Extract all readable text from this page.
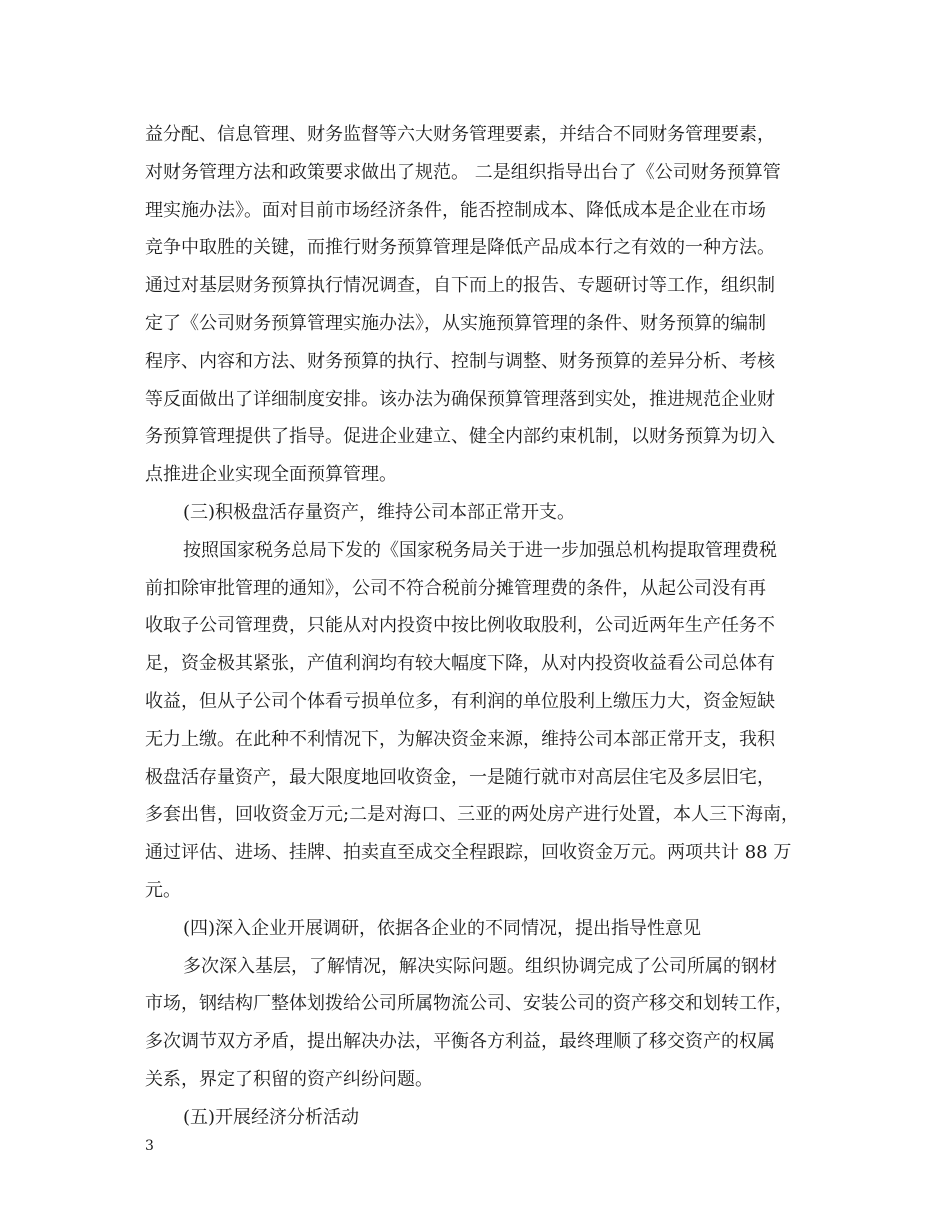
益分配、信息管理、财务监督等六大财务管理要素，并结合不同财务管理要素，
对财务管理方法和政策要求做出了规范。 二是组织指导出台了《公司财务预算管
理实施办法》。面对目前市场经济条件，能否控制成本、降低成本是企业在市场
竞争中取胜的关键，而推行财务预算管理是降低产品成本行之有效的一种方法。
通过对基层财务预算执行情况调查，自下而上的报告、专题研讨等工作，组织制
定了《公司财务预算管理实施办法》，从实施预算管理的条件、财务预算的编制
程序、内容和方法、财务预算的执行、控制与调整、财务预算的差异分析、考核
等反面做出了详细制度安排。该办法为确保预算管理落到实处，推进规范企业财
务预算管理提供了指导。促进企业建立、健全内部约束机制，以财务预算为切入
点推进企业实现全面预算管理。
(三)积极盘活存量资产，维持公司本部正常开支。
按照国家税务总局下发的《国家税务局关于进一步加强总机构提取管理费税
前扣除审批管理的通知》，公司不符合税前分摊管理费的条件，从起公司没有再
收取子公司管理费，只能从对内投资中按比例收取股利，公司近两年生产任务不
足，资金极其紧张，产值利润均有较大幅度下降，从对内投资收益看公司总体有
收益，但从子公司个体看亏损单位多，有利润的单位股利上缴压力大，资金短缺
无力上缴。在此种不利情况下，为解决资金来源，维持公司本部正常开支，我积
极盘活存量资产，最大限度地回收资金，一是随行就市对高层住宅及多层旧宅，
多套出售，回收资金万元;二是对海口、三亚的两处房产进行处置，本人三下海南，
通过评估、进场、挂牌、拍卖直至成交全程跟踪，回收资金万元。两项共计 88 万
元。
(四)深入企业开展调研，依据各企业的不同情况，提出指导性意见
多次深入基层，了解情况，解决实际问题。组织协调完成了公司所属的钢材
市场，钢结构厂整体划拨给公司所属物流公司、安装公司的资产移交和划转工作，
多次调节双方矛盾，提出解决办法，平衡各方利益，最终理顺了移交资产的权属
关系，界定了积留的资产纠纷问题。
(五)开展经济分析活动
3
